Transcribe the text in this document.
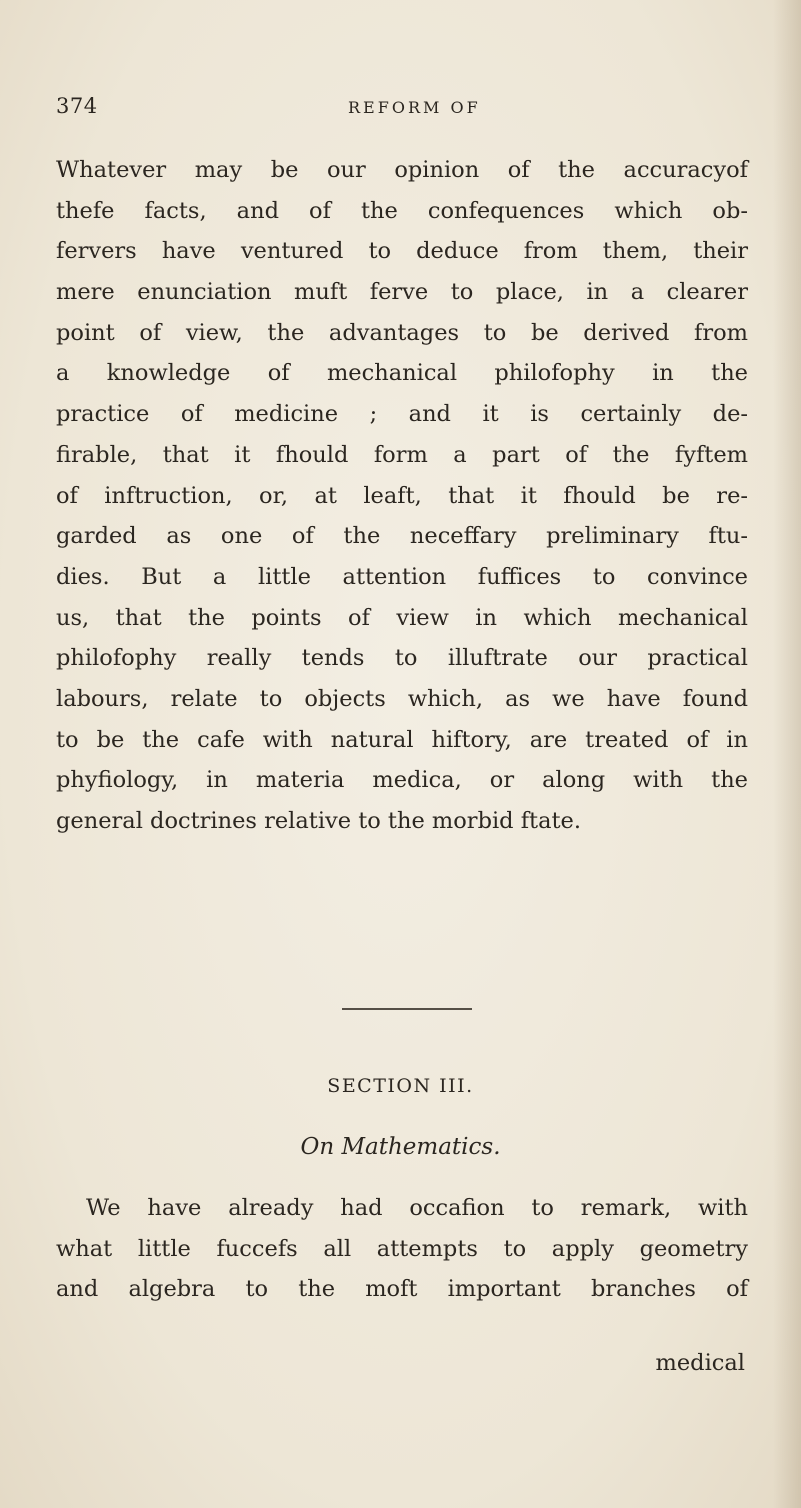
374	REFORM OF
Whatever may be our opinion of the accuracyof
thefe facts, and of the confequences which ob-
fervers have ventured to deduce from them, their
mere enunciation muft ferve to place, in a clearer
point of view, the advantages to be derived from
a knowledge of mechanical philofophy in the
practice of medicine ; and it is certainly de-
firable, that it fhould form a part of the fyftem
of inftruction, or, at leaft, that it fhould be re-
garded as one of the neceffary preliminary ftu-
dies. But a little attention fuffices to convince
us, that the points of view in which mechanical
philofophy really tends to illuftrate our practical
labours, relate to objects which, as we have found
to be the cafe with natural hiftory, are treated of in
phyfiology, in materia medica, or along with the
general doctrines relative to the morbid ftate.
SECTION III.
On Mathematics.
We have already had occafion to remark, with
what little fuccefs all attempts to apply geometry
and algebra to the moft important branches of
medical
